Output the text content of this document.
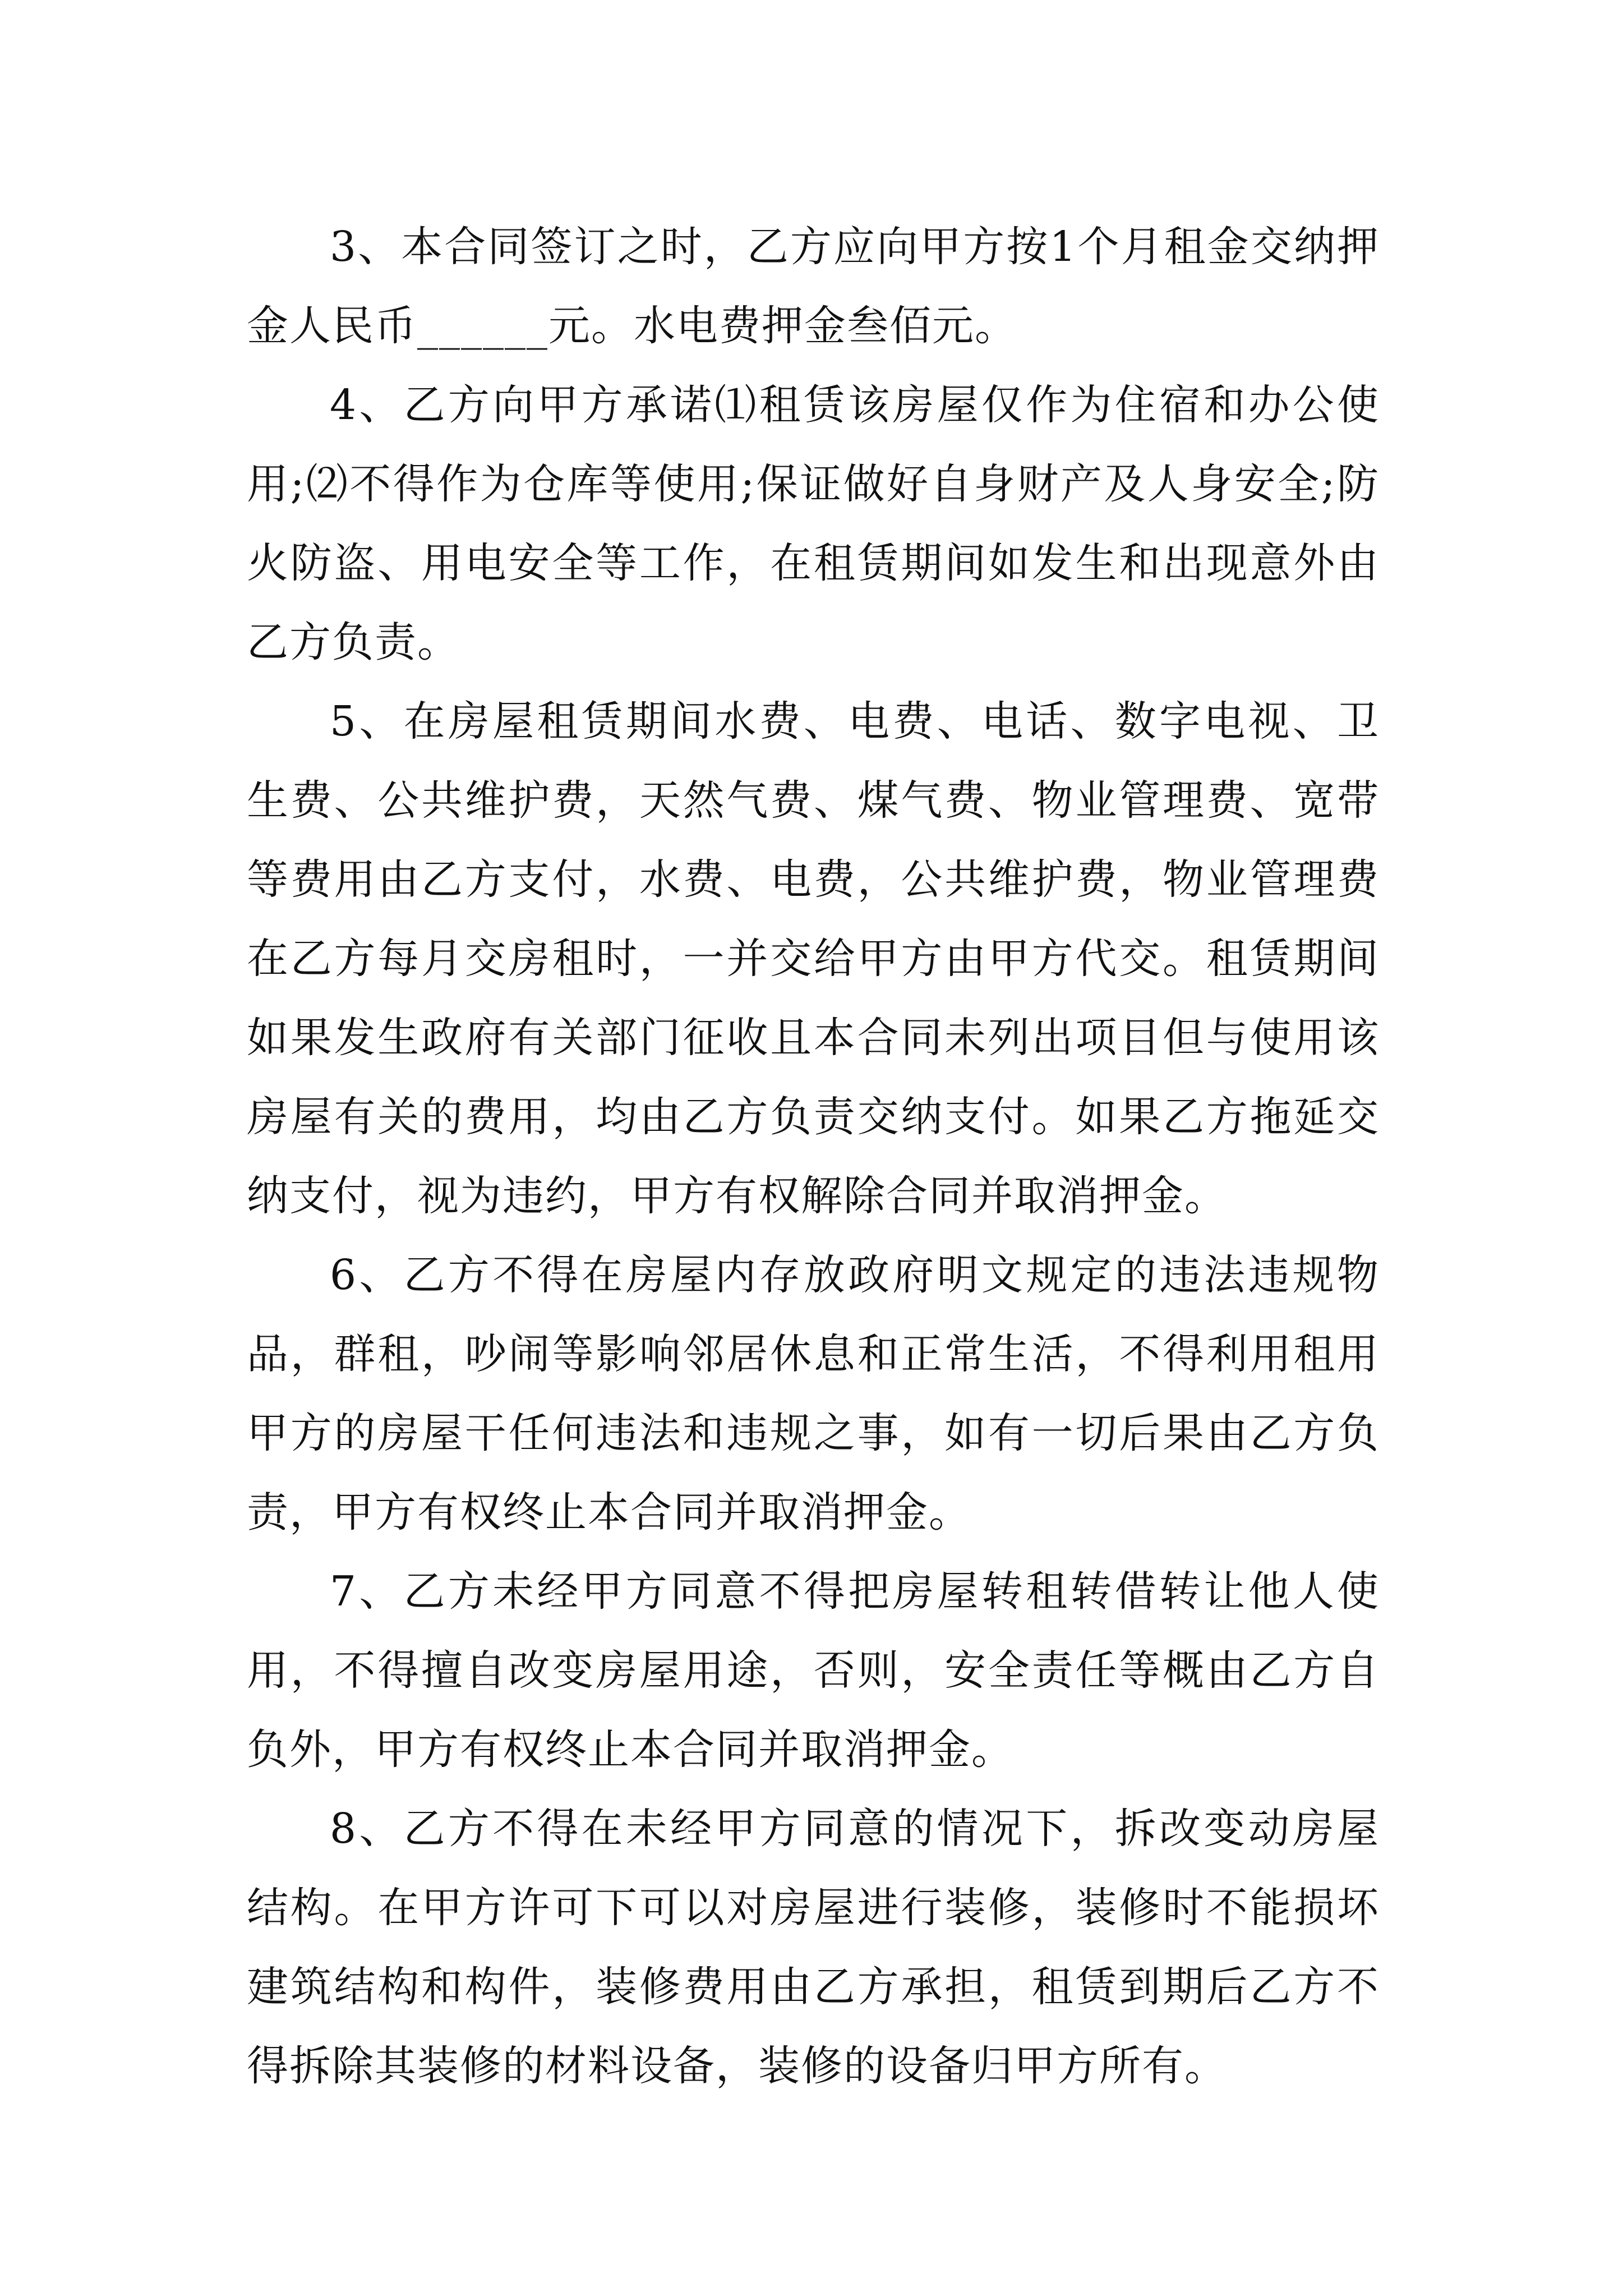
3、本合同签订之时，乙方应向甲方按1个月租金交纳押金人民币______元。水电费押金叁佰元。

4、乙方向甲方承诺⑴租赁该房屋仅作为住宿和办公使用;⑵不得作为仓库等使用;保证做好自身财产及人身安全;防火防盗、用电安全等工作，在租赁期间如发生和出现意外由乙方负责。

5、在房屋租赁期间水费、电费、电话、数字电视、卫生费、公共维护费，天然气费、煤气费、物业管理费、宽带等费用由乙方支付，水费、电费，公共维护费，物业管理费在乙方每月交房租时，一并交给甲方由甲方代交。租赁期间如果发生政府有关部门征收且本合同未列出项目但与使用该房屋有关的费用，均由乙方负责交纳支付。如果乙方拖延交纳支付，视为违约，甲方有权解除合同并取消押金。

6、乙方不得在房屋内存放政府明文规定的违法违规物品，群租，吵闹等影响邻居休息和正常生活，不得利用租用甲方的房屋干任何违法和违规之事，如有一切后果由乙方负责，甲方有权终止本合同并取消押金。

7、乙方未经甲方同意不得把房屋转租转借转让他人使用，不得擅自改变房屋用途，否则，安全责任等概由乙方自负外，甲方有权终止本合同并取消押金。

8、乙方不得在未经甲方同意的情况下，拆改变动房屋结构。在甲方许可下可以对房屋进行装修，装修时不能损坏建筑结构和构件，装修费用由乙方承担，租赁到期后乙方不得拆除其装修的材料设备，装修的设备归甲方所有。
